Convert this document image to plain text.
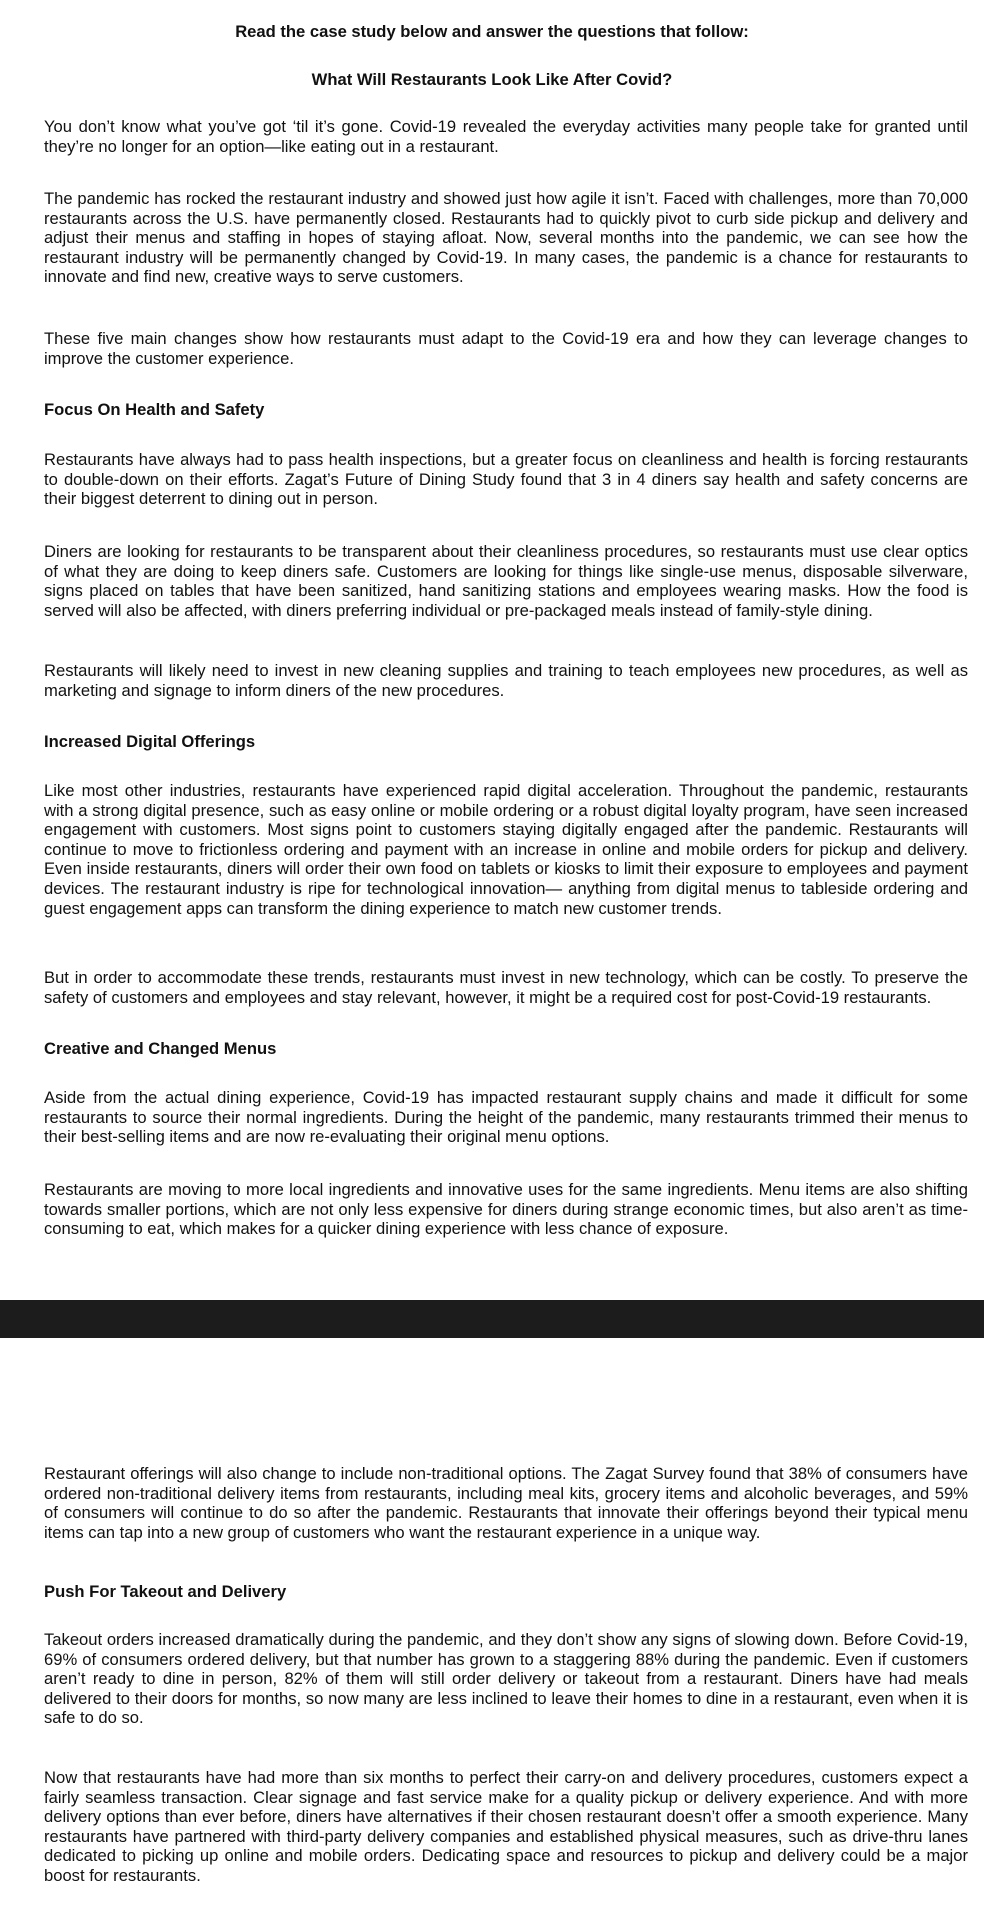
Read the case study below and answer the questions that follow:

What Will Restaurants Look Like After Covid?

You don’t know what you’ve got ‘til it’s gone. Covid-19 revealed the everyday activities many people take for granted until they’re no longer for an option—like eating out in a restaurant.

The pandemic has rocked the restaurant industry and showed just how agile it isn’t. Faced with challenges, more than 70,000 restaurants across the U.S. have permanently closed. Restaurants had to quickly pivot to curb side pickup and delivery and adjust their menus and staffing in hopes of staying afloat. Now, several months into the pandemic, we can see how the restaurant industry will be permanently changed by Covid-19. In many cases, the pandemic is a chance for restaurants to innovate and find new, creative ways to serve customers.

These five main changes show how restaurants must adapt to the Covid-19 era and how they can leverage changes to improve the customer experience.

Focus On Health and Safety

Restaurants have always had to pass health inspections, but a greater focus on cleanliness and health is forcing restaurants to double-down on their efforts. Zagat’s Future of Dining Study found that 3 in 4 diners say health and safety concerns are their biggest deterrent to dining out in person.

Diners are looking for restaurants to be transparent about their cleanliness procedures, so restaurants must use clear optics of what they are doing to keep diners safe. Customers are looking for things like single-use menus, disposable silverware, signs placed on tables that have been sanitized, hand sanitizing stations and employees wearing masks. How the food is served will also be affected, with diners preferring individual or pre-packaged meals instead of family-style dining.

Restaurants will likely need to invest in new cleaning supplies and training to teach employees new procedures, as well as marketing and signage to inform diners of the new procedures.

Increased Digital Offerings

Like most other industries, restaurants have experienced rapid digital acceleration. Throughout the pandemic, restaurants with a strong digital presence, such as easy online or mobile ordering or a robust digital loyalty program, have seen increased engagement with customers. Most signs point to customers staying digitally engaged after the pandemic. Restaurants will continue to move to frictionless ordering and payment with an increase in online and mobile orders for pickup and delivery. Even inside restaurants, diners will order their own food on tablets or kiosks to limit their exposure to employees and payment devices. The restaurant industry is ripe for technological innovation— anything from digital menus to tableside ordering and guest engagement apps can transform the dining experience to match new customer trends.

But in order to accommodate these trends, restaurants must invest in new technology, which can be costly. To preserve the safety of customers and employees and stay relevant, however, it might be a required cost for post-Covid-19 restaurants.

Creative and Changed Menus

Aside from the actual dining experience, Covid-19 has impacted restaurant supply chains and made it difficult for some restaurants to source their normal ingredients. During the height of the pandemic, many restaurants trimmed their menus to their best-selling items and are now re-evaluating their original menu options.

Restaurants are moving to more local ingredients and innovative uses for the same ingredients. Menu items are also shifting towards smaller portions, which are not only less expensive for diners during strange economic times, but also aren’t as time-consuming to eat, which makes for a quicker dining experience with less chance of exposure.

Restaurant offerings will also change to include non-traditional options. The Zagat Survey found that 38% of consumers have ordered non-traditional delivery items from restaurants, including meal kits, grocery items and alcoholic beverages, and 59% of consumers will continue to do so after the pandemic. Restaurants that innovate their offerings beyond their typical menu items can tap into a new group of customers who want the restaurant experience in a unique way.

Push For Takeout and Delivery

Takeout orders increased dramatically during the pandemic, and they don’t show any signs of slowing down. Before Covid-19, 69% of consumers ordered delivery, but that number has grown to a staggering 88% during the pandemic. Even if customers aren’t ready to dine in person, 82% of them will still order delivery or takeout from a restaurant. Diners have had meals delivered to their doors for months, so now many are less inclined to leave their homes to dine in a restaurant, even when it is safe to do so.

Now that restaurants have had more than six months to perfect their carry-on and delivery procedures, customers expect a fairly seamless transaction. Clear signage and fast service make for a quality pickup or delivery experience. And with more delivery options than ever before, diners have alternatives if their chosen restaurant doesn’t offer a smooth experience. Many restaurants have partnered with third-party delivery companies and established physical measures, such as drive-thru lanes dedicated to picking up online and mobile orders. Dedicating space and resources to pickup and delivery could be a major boost for restaurants.
